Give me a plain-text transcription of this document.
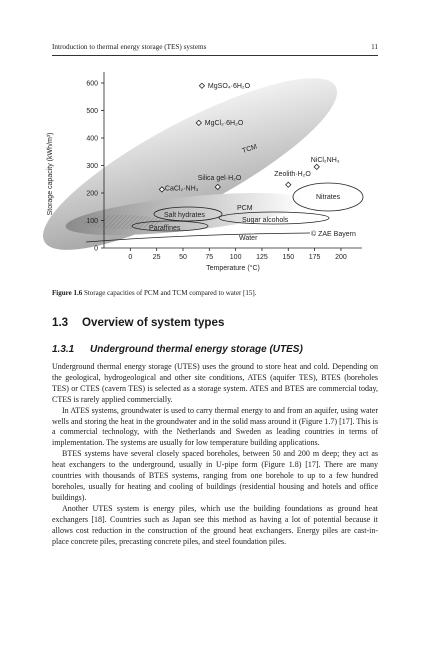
Introduction to thermal energy storage (TES) systems	11
0
100
200
300
400
500
600
0	25	50	75 100 125 150 175 200
Storage capacity (kWh/m³)
Temperature (°C)
TCM
PCM
Nitrates
Salt hydrates
Paraffines
Sugar alcohols
Water
MgSO₄·6H₂O
MgCl₂·6H₂O
NiCl₂NH₃
Zeolith·H₂O
Silica gel·H₂O
CaCl₂·NH₃
© ZAE Bayern
Figure 1.6 Storage capacities of PCM and TCM compared to water [15].
1.3 Overview of system types
1.3.1 Underground thermal energy storage (UTES)

Underground thermal energy storage (UTES) uses the ground to store heat and cold. Depending on the geological, hydrogeological and other site conditions, ATES (aquifer TES), BTES (boreholes TES) or CTES (cavern TES) is selected as a storage system. ATES and BTES are commercial today, CTES is rarely applied commercially.

In ATES systems, groundwater is used to carry thermal energy to and from an aquifer, using water wells and storing the heat in the groundwater and in the solid mass around it (Figure 1.7) [17]. This is a commercial technology, with the Netherlands and Sweden as leading countries in terms of implementation. The systems are usually for low temperature building applications.

BTES systems have several closely spaced boreholes, between 50 and 200 m deep; they act as heat exchangers to the underground, usually in U-pipe form (Figure 1.8) [17]. There are many countries with thousands of BTES systems, ranging from one borehole to up to a few hundred boreholes, usually for heating and cooling of buildings (residential housing and hotels and office buildings).

Another UTES system is energy piles, which use the building foundations as ground heat exchangers [18]. Countries such as Japan see this method as having a lot of potential because it allows cost reduction in the construction of the ground heat exchangers. Energy piles are cast-in-place concrete piles, precasting concrete piles, and steel foundation piles.
